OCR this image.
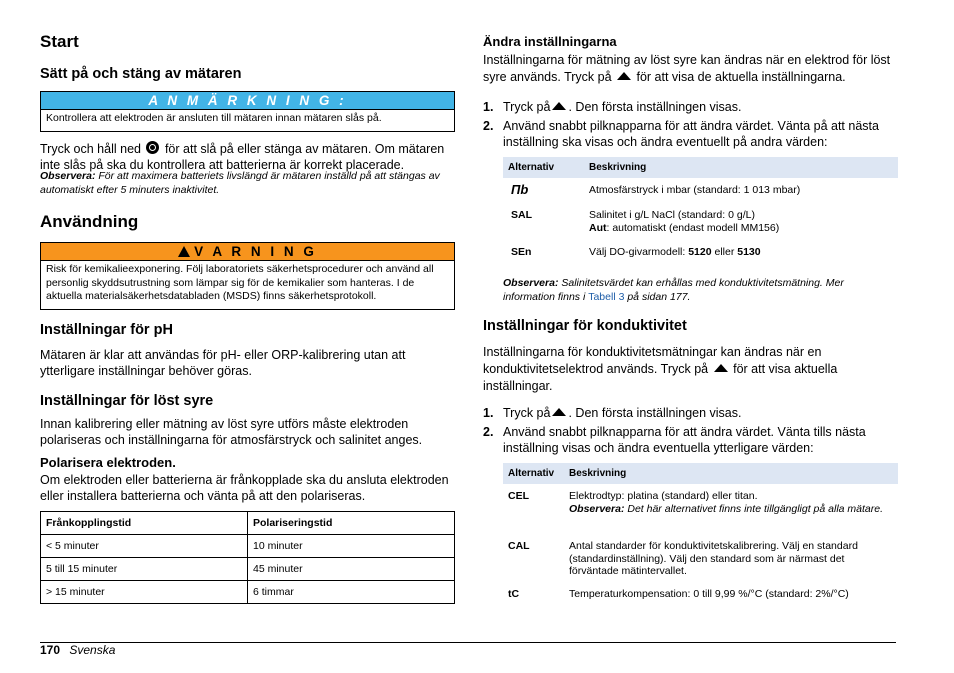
Start
Sätt på och stäng av mätaren
A N M Ä R K N I N G :
Kontrollera att elektroden är ansluten till mätaren innan mätaren slås på.
Tryck och håll ned för att slå på eller stänga av mätaren. Om mätaren inte slås på ska du kontrollera att batterierna är korrekt placerade.
Observera: För att maximera batteriets livslängd är mätaren inställd på att stängas av automatiskt efter 5 minuters inaktivitet.
Användning
V A R N I N G
Risk för kemikalieexponering. Följ laboratoriets säkerhetsprocedurer och använd all personlig skyddsutrustning som lämpar sig för de kemikalier som hanteras. I de aktuella materialsäkerhetsdatabladen (MSDS) finns säkerhetsprotokoll.
Inställningar för pH
Mätaren är klar att användas för pH- eller ORP-kalibrering utan att ytterligare inställningar behöver göras.
Inställningar för löst syre
Innan kalibrering eller mätning av löst syre utförs måste elektroden polariseras och inställningarna för atmosfärstryck och salinitet anges.
Polarisera elektroden.
Om elektroden eller batterierna är frånkopplade ska du ansluta elektroden eller installera batterierna och vänta på att den polariseras.
Frånkopplingstid	Polariseringstid
< 5 minuter	10 minuter
5 till 15 minuter	45 minuter
> 15 minuter	6 timmar
Ändra inställningarna
Inställningarna för mätning av löst syre kan ändras när en elektrod för löst syre används. Tryck på för att visa de aktuella inställningarna.
1. Tryck på . Den första inställningen visas.
2. Använd snabbt pilknapparna för att ändra värdet. Vänta på att nästa inställning ska visas och ändra eventuellt på andra värden:
Alternativ	Beskrivning
Пb	Atmosfärstryck i mbar (standard: 1 013 mbar)
SAL	Salinitet i g/L NaCl (standard: 0 g/L)
Aut: automatiskt (endast modell MM156)
SEn	Välj DO-givarmodell: 5120 eller 5130
Observera: Salinitetsvärdet kan erhållas med konduktivitetsmätning. Mer information finns i Tabell 3 på sidan 177.
Inställningar för konduktivitet
Inställningarna för konduktivitetsmätningar kan ändras när en konduktivitetselektrod används. Tryck på för att visa aktuella inställningar.
1. Tryck på . Den första inställningen visas.
2. Använd snabbt pilknapparna för att ändra värdet. Vänta tills nästa inställning visas och ändra eventuella ytterligare värden:
Alternativ Beskrivning
CEL	Elektrodtyp: platina (standard) eller titan.
Observera: Det här alternativet finns inte tillgängligt på alla mätare.
CAL	Antal standarder för konduktivitetskalibrering. Välj en standard (standardinställning). Välj den standard som är närmast det förväntade mätintervallet.
tC	Temperaturkompensation: 0 till 9,99 %/°C (standard: 2%/°C)
170 Svenska
